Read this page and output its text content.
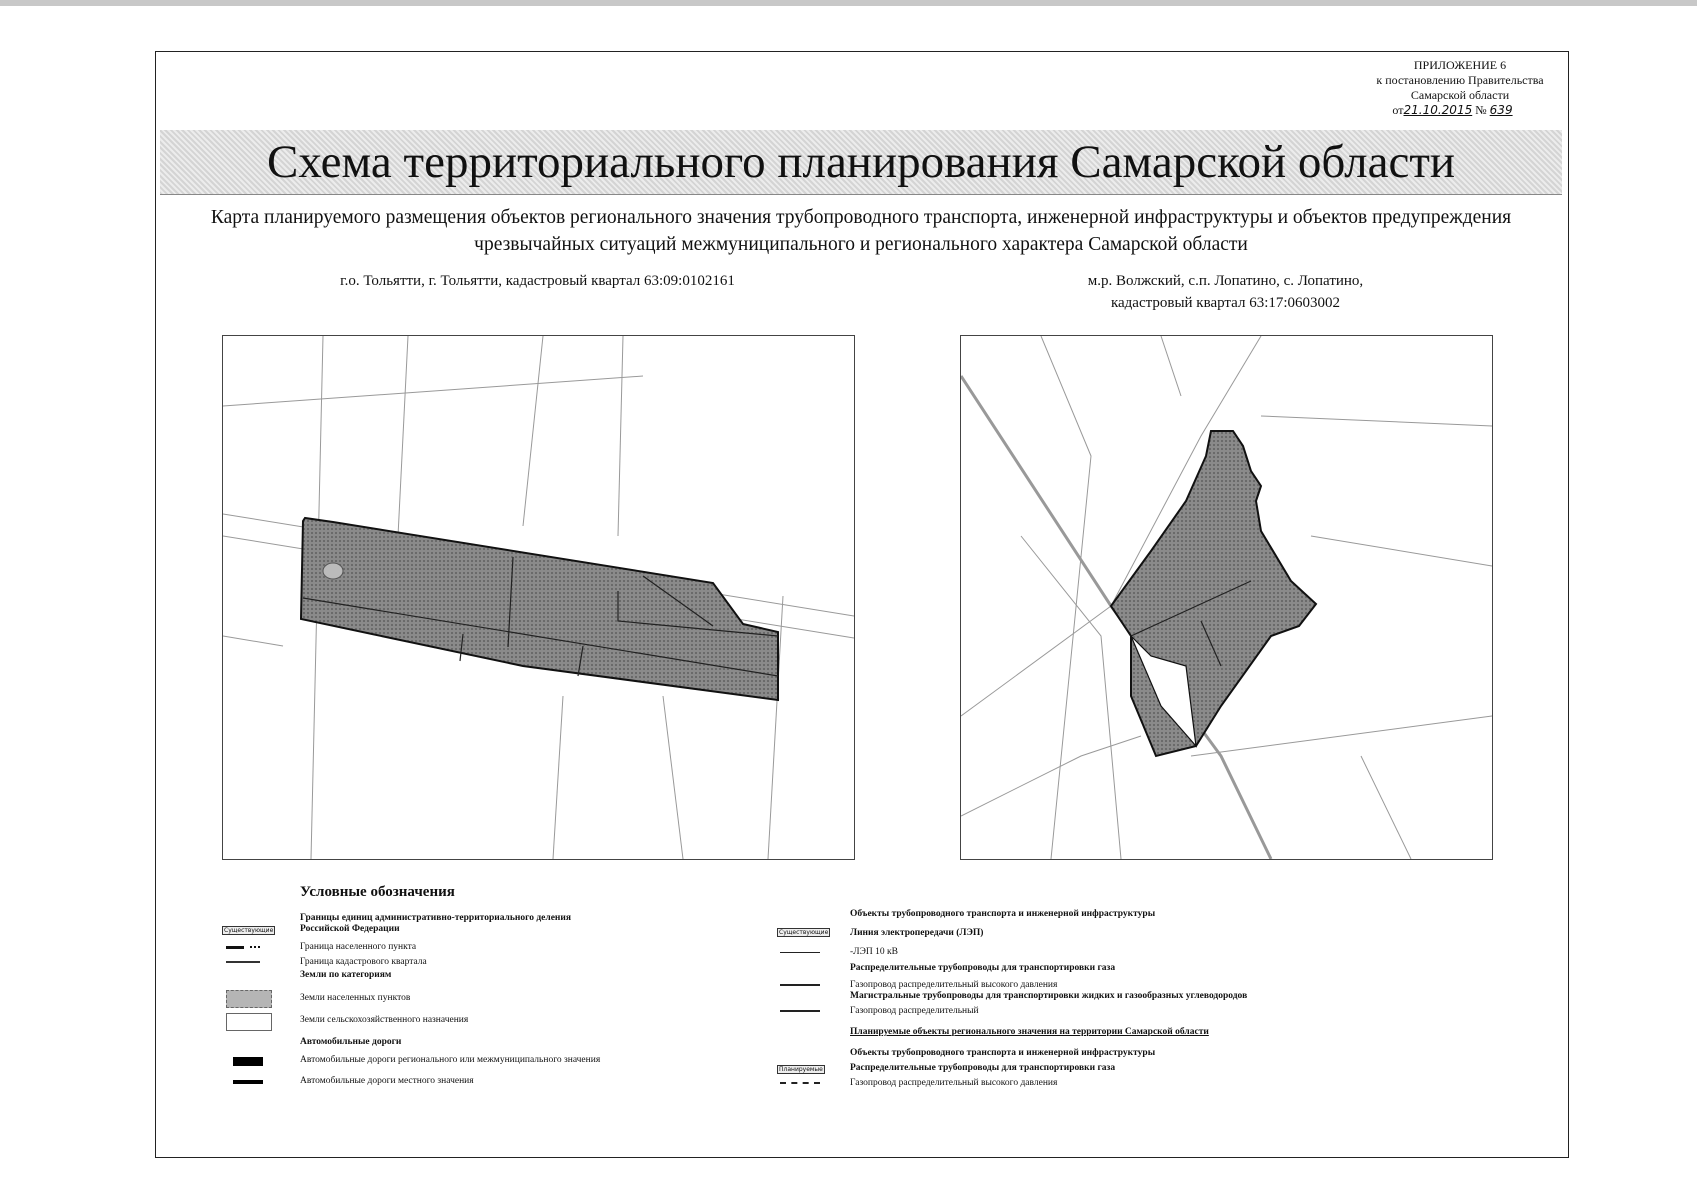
ПРИЛОЖЕНИЕ 6
к постановлению Правительства
Самарской области
от21.10.2015 № 639
Схема территориального планирования Самарской области
Карта планируемого размещения объектов регионального значения трубопроводного транспорта, инженерной инфраструктуры и объектов предупреждения чрезвычайных ситуаций межмуниципального и регионального характера Самарской области
г.о. Тольятти, г. Тольятти, кадастровый квартал 63:09:0102161	м.р. Волжский, с.п. Лопатино, с. Лопатино,
кадастровый квартал 63:17:0603002
Условные обозначения
Существующие
Границы единиц административно-территориального деления Российской Федерации
Граница населенного пункта
Граница кадастрового квартала
Земли по категориям
Земли населенных пунктов
Земли сельскохозяйственного назначения
Автомобильные дороги
Автомобильные дороги регионального или межмуниципального значения
Автомобильные дороги местного значения
Объекты трубопроводного транспорта и инженерной инфраструктуры
Существующие Линия электропередачи (ЛЭП)
-ЛЭП 10 кВ
Распределительные трубопроводы для транспортировки газа
Газопровод распределительный высокого давления
Магистральные трубопроводы для транспортировки жидких и газообразных углеводородов
Газопровод распределительный
Планируемые объекты регионального значения на территории Самарской области
Объекты трубопроводного транспорта и инженерной инфраструктуры
Планируемые	Распределительные трубопроводы для транспортировки газа
Газопровод распределительный высокого давления
